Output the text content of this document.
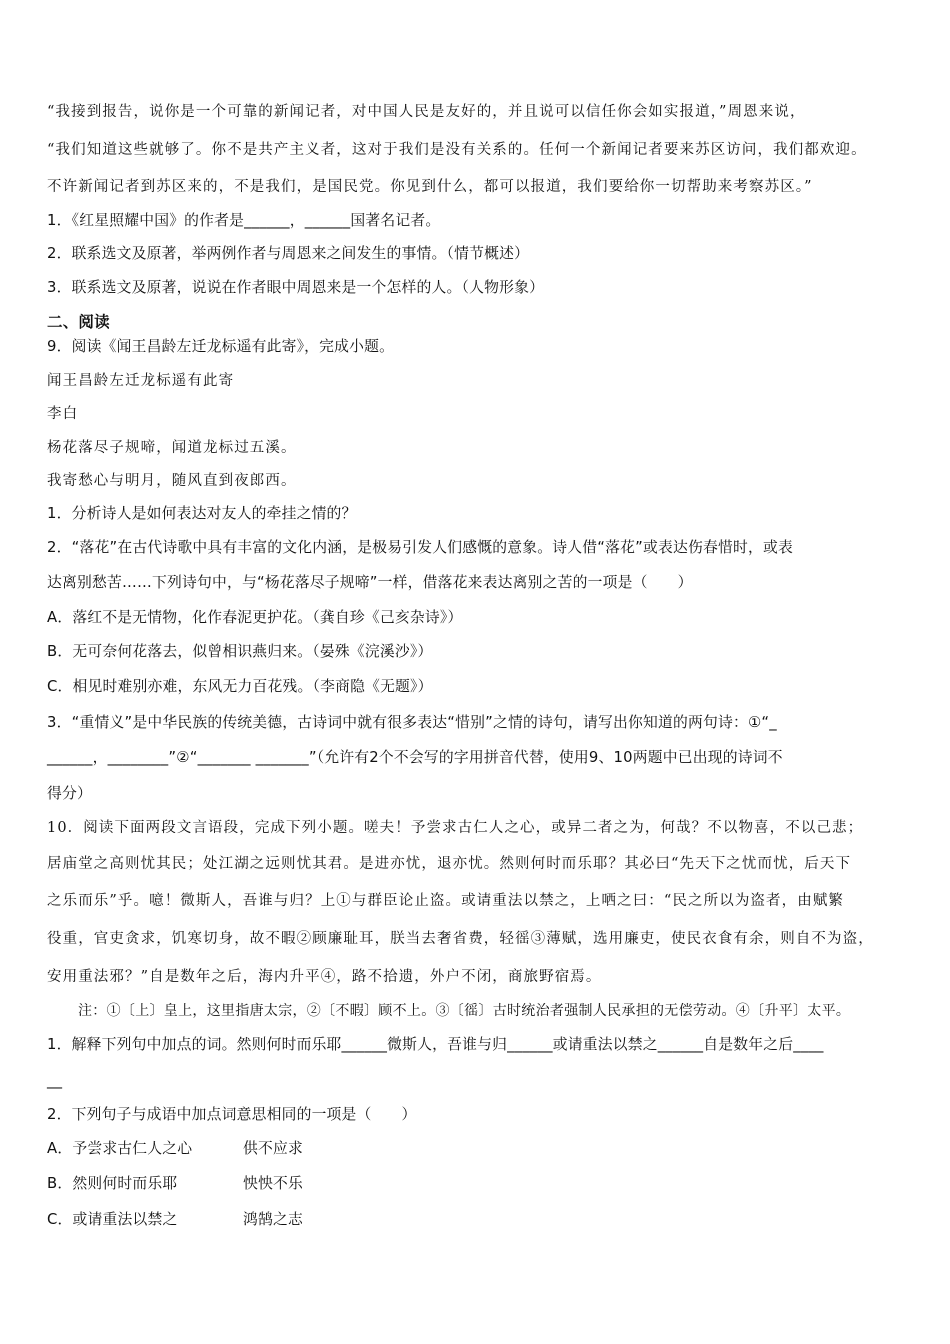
“我接到报告，说你是一个可靠的新闻记者，对中国人民是友好的，并且说可以信任你会如实报道，”周恩来说，
“我们知道这些就够了。你不是共产主义者，这对于我们是没有关系的。任何一个新闻记者要来苏区访问，我们都欢迎。
不许新闻记者到苏区来的，不是我们，是国民党。你见到什么，都可以报道，我们要给你一切帮助来考察苏区。”
1．《红星照耀中国》的作者是______，______国著名记者。
2．联系选文及原著，举两例作者与周恩来之间发生的事情。（情节概述）
3．联系选文及原著，说说在作者眼中周恩来是一个怎样的人。（人物形象）
二、阅读
9．阅读《闻王昌龄左迁龙标遥有此寄》，完成小题。
闻王昌龄左迁龙标遥有此寄
李白
杨花落尽子规啼，闻道龙标过五溪。
我寄愁心与明月，随风直到夜郎西。
1．分析诗人是如何表达对友人的牵挂之情的？
2．“落花”在古代诗歌中具有丰富的文化内涵，是极易引发人们感慨的意象。诗人借“落花”或表达伤春惜时，或表
达离别愁苦……下列诗句中，与“杨花落尽子规啼”一样，借落花来表达离别之苦的一项是（　　）
A．落红不是无情物，化作春泥更护花。（龚自珍《己亥杂诗》）
B．无可奈何花落去，似曾相识燕归来。（晏殊《浣溪沙》）
C．相见时难别亦难，东风无力百花残。（李商隐《无题》）
3．“重情义”是中华民族的传统美德，古诗词中就有很多表达“惜别”之情的诗句，请写出你知道的两句诗：①“_
______，________”②“_______ _______”（允许有2个不会写的字用拼音代替，使用9、10两题中已出现的诗词不
得分）
10．阅读下面两段文言语段，完成下列小题。嗟夫！予尝求古仁人之心，或异二者之为，何哉？不以物喜，不以己悲；
居庙堂之高则忧其民；处江湖之远则忧其君。是进亦忧，退亦忧。然则何时而乐耶？其必曰“先天下之忧而忧，后天下
之乐而乐”乎。噫！微斯人，吾谁与归？上①与群臣论止盗。或请重法以禁之，上哂之曰：“民之所以为盗者，由赋繁
役重，官吏贪求，饥寒切身，故不暇②顾廉耻耳，朕当去奢省费，轻徭③薄赋，选用廉吏，使民衣食有余，则自不为盗，
安用重法邪？”自是数年之后，海内升平④，路不拾遗，外户不闭，商旅野宿焉。
注：①〔上〕皇上，这里指唐太宗，②〔不暇〕顾不上。③〔徭〕古时统治者强制人民承担的无偿劳动。④〔升平〕太平。
1．解释下列句中加点的词。然则何时而乐耶______微斯人，吾谁与归______或请重法以禁之______自是数年之后____
__
2．下列句子与成语中加点词意思相同的一项是（　　）
A．予尝求古仁人之心	供不应求
B．然则何时而乐耶	怏怏不乐
C．或请重法以禁之	鸿鹄之志
